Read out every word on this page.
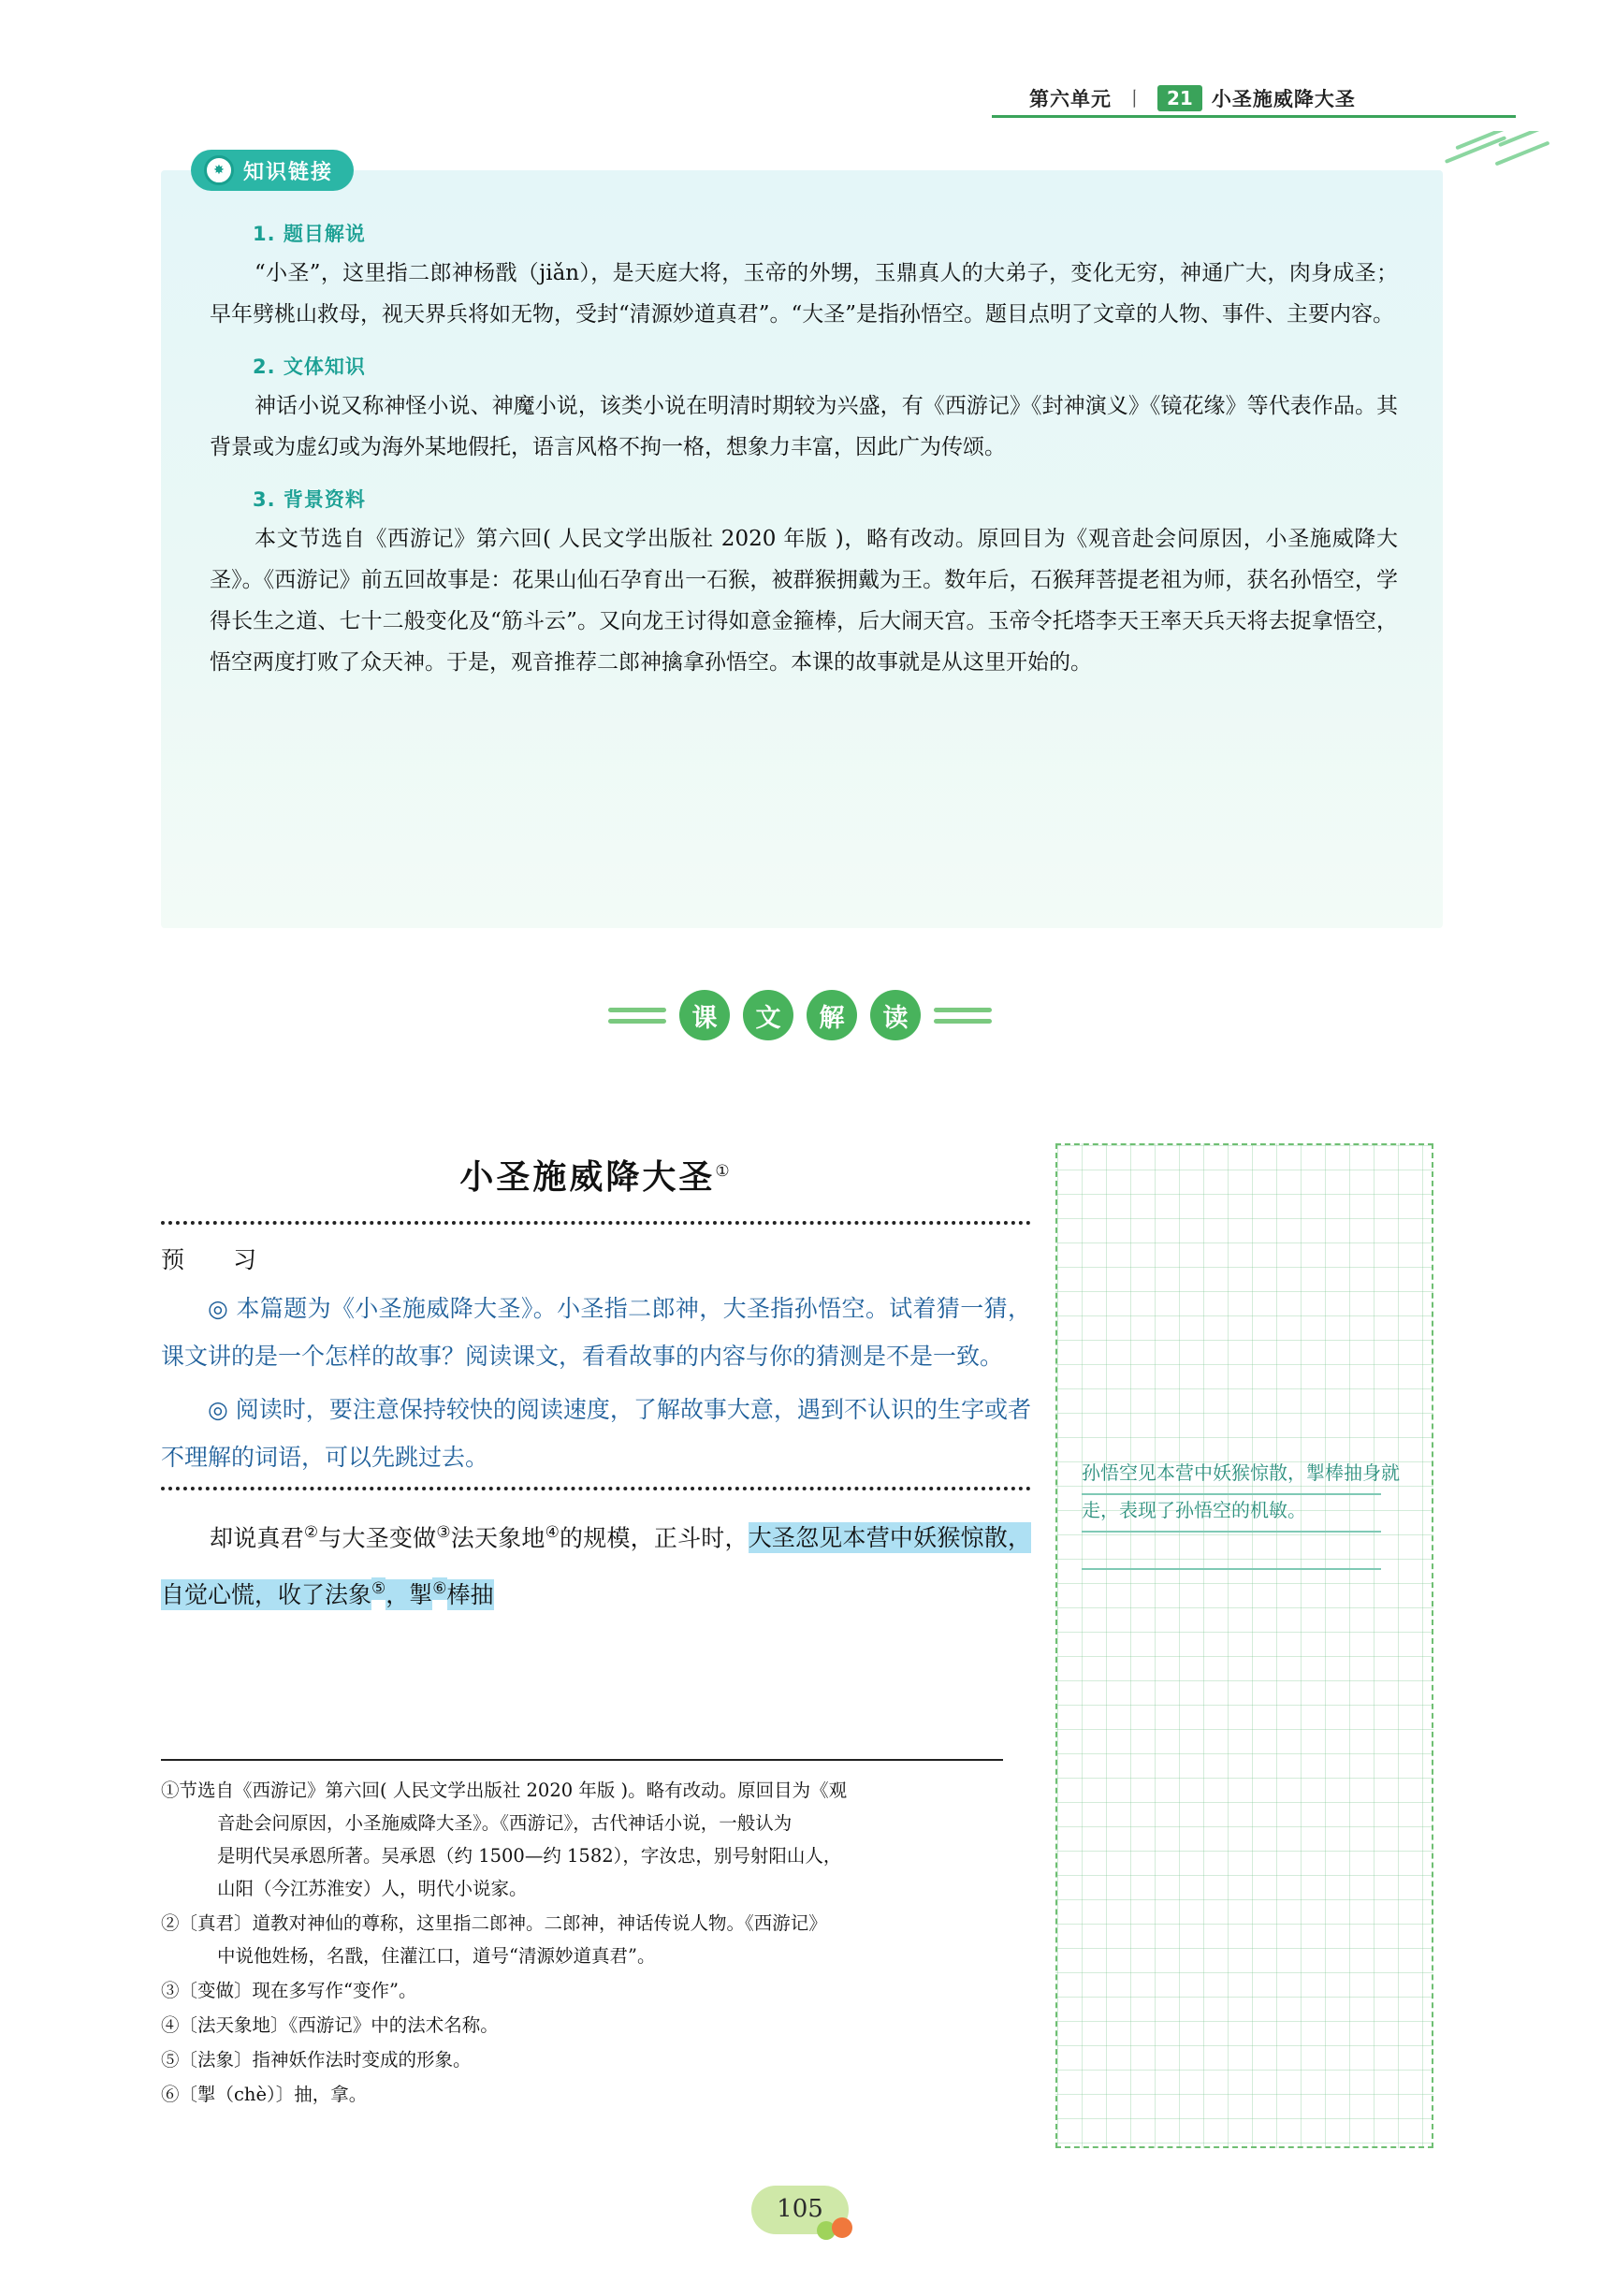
第六单元 丨	21 小圣施威降大圣
✸ 知识链接
1. 题目解说

“小圣”，这里指二郎神杨戬（jiǎn），是天庭大将，玉帝的外甥，玉鼎真人的大弟子，变化无穷，神通广大，肉身成圣；早年劈桃山救母，视天界兵将如无物，受封“清源妙道真君”。“大圣”是指孙悟空。题目点明了文章的人物、事件、主要内容。

2. 文体知识

神话小说又称神怪小说、神魔小说，该类小说在明清时期较为兴盛，有《西游记》《封神演义》《镜花缘》等代表作品。其背景或为虚幻或为海外某地假托，语言风格不拘一格，想象力丰富，因此广为传颂。

3. 背景资料

本文节选自《西游记》第六回( 人民文学出版社 2020 年版 )，略有改动。原回目为《观音赴会问原因，小圣施威降大圣》。《西游记》前五回故事是：花果山仙石孕育出一石猴，被群猴拥戴为王。数年后，石猴拜菩提老祖为师，获名孙悟空，学得长生之道、七十二般变化及“筋斗云”。又向龙王讨得如意金箍棒，后大闹天宫。玉帝令托塔李天王率天兵天将去捉拿悟空，悟空两度打败了众天神。于是，观音推荐二郎神擒拿孙悟空。本课的故事就是从这里开始的。

课	文	解	读
小圣施威降大圣①
预 习

◎ 本篇题为《小圣施威降大圣》。小圣指二郎神，大圣指孙悟空。试着猜一猜，课文讲的是一个怎样的故事？阅读课文，看看故事的内容与你的猜测是不是一致。

◎ 阅读时，要注意保持较快的阅读速度，了解故事大意，遇到不认识的生字或者不理解的词语，可以先跳过去。

却说真君②与大圣变做③法天象地④的规模，正斗时，大圣忽见本营中妖猴惊散，自觉心慌，收了法象⑤，掣⑥棒抽

①节选自《西游记》第六回( 人民文学出版社 2020 年版 )。略有改动。原回目为《观
音赴会问原因，小圣施威降大圣》。《西游记》，古代神话小说，一般认为
是明代吴承恩所著。吴承恩（约 1500—约 1582），字汝忠，别号射阳山人，
山阳（今江苏淮安）人，明代小说家。

②〔真君〕道教对神仙的尊称，这里指二郎神。二郎神，神话传说人物。《西游记》
中说他姓杨，名戬，住灌江口，道号“清源妙道真君”。

③〔变做〕现在多写作“变作”。

④〔法天象地〕《西游记》中的法术名称。

⑤〔法象〕指神妖作法时变成的形象。

⑥〔掣（chè）〕抽，拿。

孙悟空见本营中妖猴惊散，掣棒抽身就走，表现了孙悟空的机敏。
105
